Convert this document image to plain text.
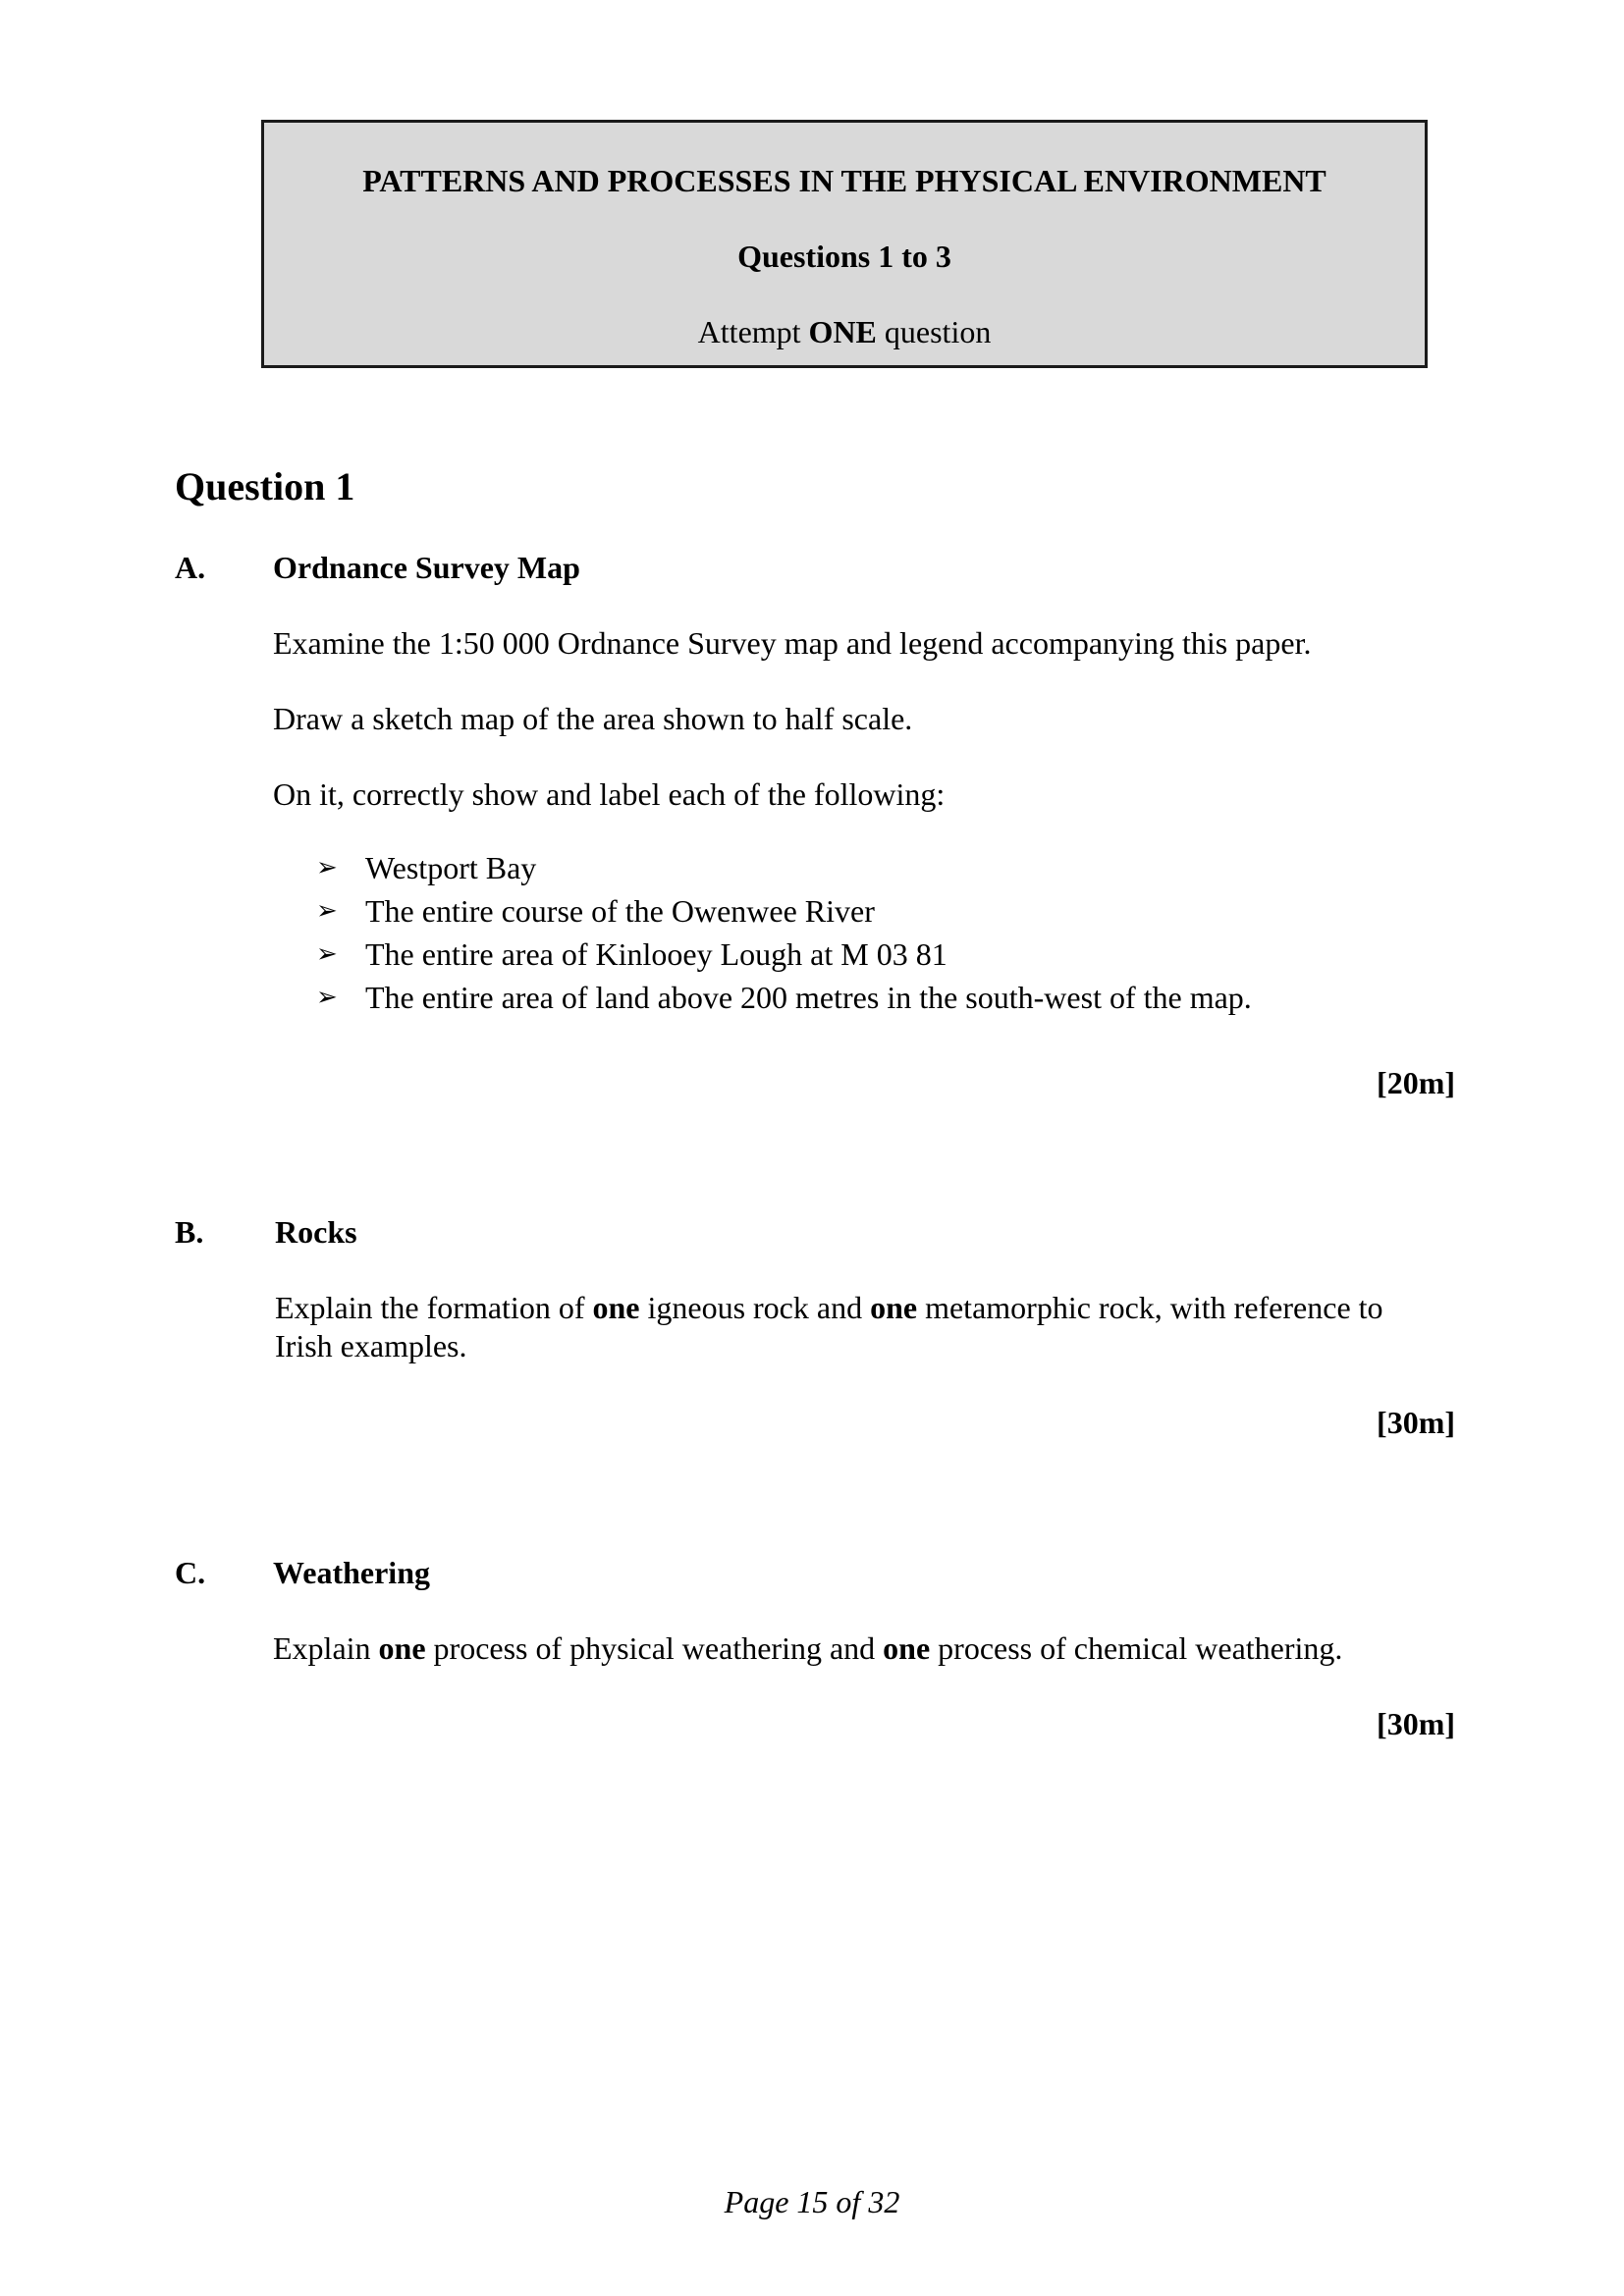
PATTERNS AND PROCESSES IN THE PHYSICAL ENVIRONMENT
Questions 1 to 3
Attempt ONE question
Question 1
A. Ordnance Survey Map
Examine the 1:50 000 Ordnance Survey map and legend accompanying this paper.
Draw a sketch map of the area shown to half scale.
On it, correctly show and label each of the following:
➢ Westport Bay
➢ The entire course of the Owenwee River
➢ The entire area of Kinlooey Lough at M 03 81
➢ The entire area of land above 200 metres in the south-west of the map.
[20m]
B. Rocks
Explain the formation of one igneous rock and one metamorphic rock, with reference to
Irish examples.
[30m]
C. Weathering
Explain one process of physical weathering and one process of chemical weathering.
[30m]
Page 15 of 32
